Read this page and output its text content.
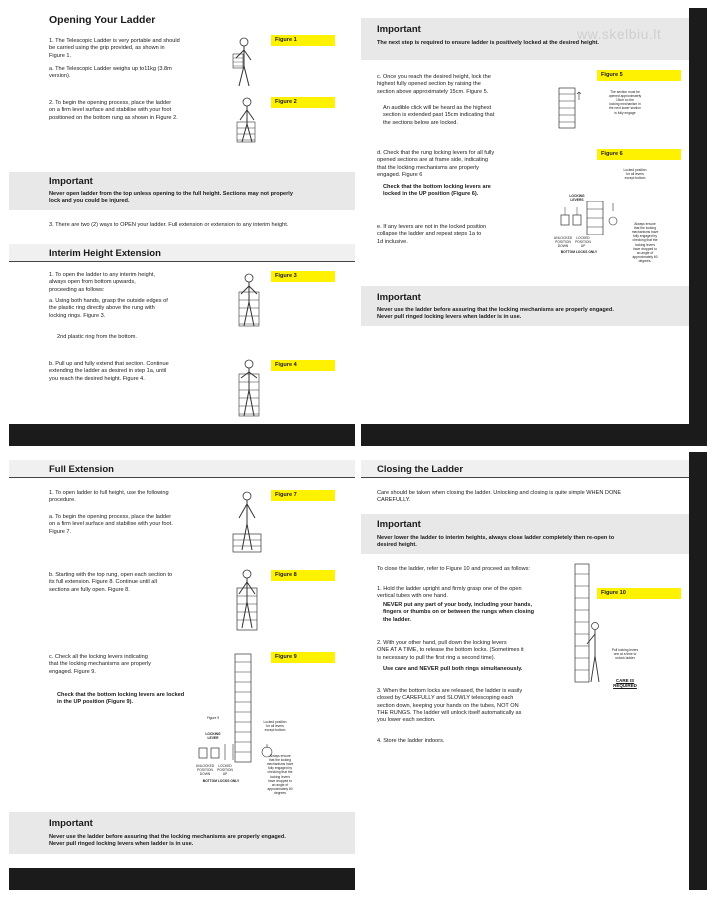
Opening Your Ladder
1. The Telescopic Ladder is very portable and should
be carried using the grip provided, as shown in
Figure 1.
a. The Telescopic Ladder weighs up to11kg (3.8m
version).
2. To begin the opening process, place the ladder
on a firm level surface and stabilise with your foot
positioned on the bottom rung as shown in Figure 2.
Figure 1
Figure 2
Important
Never open ladder from the top unless opening to the full height. Sections may not properly
lock and you could be injured.
3. There are two (2) ways to OPEN your ladder. Full extension or extension to any interim height.
Interim Height Extension
1. To open the ladder to any interim height,
always open from bottom upwards,
proceeding as follows:
a. Using both hands, grasp the outside edges of
the plastic ring directly above the rung with
locking rings. Figure 3.
2nd plastic ring from the bottom.
b. Pull up and fully extend that section. Continue
extending the ladder as desired in step 1a, until
you reach the desired height. Figure 4.
Figure 3
Figure 4
Important
The next step is required to ensure ladder is positively locked at the desired height.
ww.skelbiu.lt
c. Once you reach the desired height, lock the
highest fully opened section by raising the
section above approximately 15cm. Figure 5.
An audible click will be heard as the highest
section is extended past 15cm indicating that
the sections below are locked.
Figure 5
The section must be
opened approximately
15cm so the
locking mechanism in
the next lower section
is fully engage
d. Check that the rung locking levers for all fully
opened sections are at frame side, indicating
that the locking mechanisms are properly
engaged. Figure 6
Check that the bottom locking levers are
locked in the UP position (Figure 6).
Figure 6
Locked position
for all levers
except bottom
LOCKING
LEVERS
Always ensure
that the locking
mechanisms have
fully engaged by
checking that the
locking levers
have dropped to
an angle of
approximately 60
degrees.
UNLOCKED
POSITION
DOWN
LOCKED
POSITION
UP
BOTTOM LOCKS ONLY
e. If any levers are not in the locked position
collapse the ladder and repeat steps 1a to
1d inclusive.
Important
Never use the ladder before assuring that the locking mechanisms are properly engaged.
Never pull ringed locking levers when ladder is in use.
Full Extension
1. To open ladder to full height, use the following
procedure.
a. To begin the opening process, place the ladder
on a firm level surface and stabilise with your foot.
Figure 7.
Figure 7
b. Starting with the top rung, open each section to
its full extension. Figure 8. Continue until all
sections are fully open. Figure 8.
Figure 8
c. Check all the locking levers indicating
that the locking mechanisms are properly
engaged. Figure 9.
Figure 9
Check that the bottom locking levers are locked
in the UP position (Figure 9).
Figure 9
Locked position
for all levers
except bottom
LOCKING
LEVER
Always ensure
that the locking
mechanisms have
fully engaged by
checking that the
locking levers
have dropped to
an angle of
approximately 60
degrees
UNLOCKED
POSITION
DOWN
LOCKED
POSITION
UP
BOTTOM LOCKS ONLY
Important
Never use the ladder before assuring that the locking mechanisms are properly engaged.
Never pull ringed locking levers when ladder is in use.
Closing the Ladder
Care should be taken when closing the ladder. Unlocking and closing is quite simple WHEN DONE
CAREFULLY.
Important
Never lower the ladder to interim heights, always close ladder completely then re-open to
desired height.
To close the ladder, refer to Figure 10 and proceed as follows:
1. Hold the ladder upright and firmly grasp one of the open
vertical tubes with one hand.
NEVER put any part of your body, including your hands,
fingers or thumbs on or between the rungs when closing
the ladder.
Figure 10
Pull locking levers
one at a time to
unlock ladder
CARE IS
REQUIRED
2. With your other hand, pull down the locking levers
ONE AT A TIME, to release the bottom locks. (Sometimes it
is necessary to pull the first ring a second time).
Use care and NEVER pull both rings simultaneously.
3. When the bottom locks are released, the ladder is easily
closed by CAREFULLY and SLOWLY telescoping each
section down, keeping your hands on the tubes, NOT ON
THE RUNGS. The ladder will unlock itself automatically as
you lower each section.
4. Store the ladder indoors.
